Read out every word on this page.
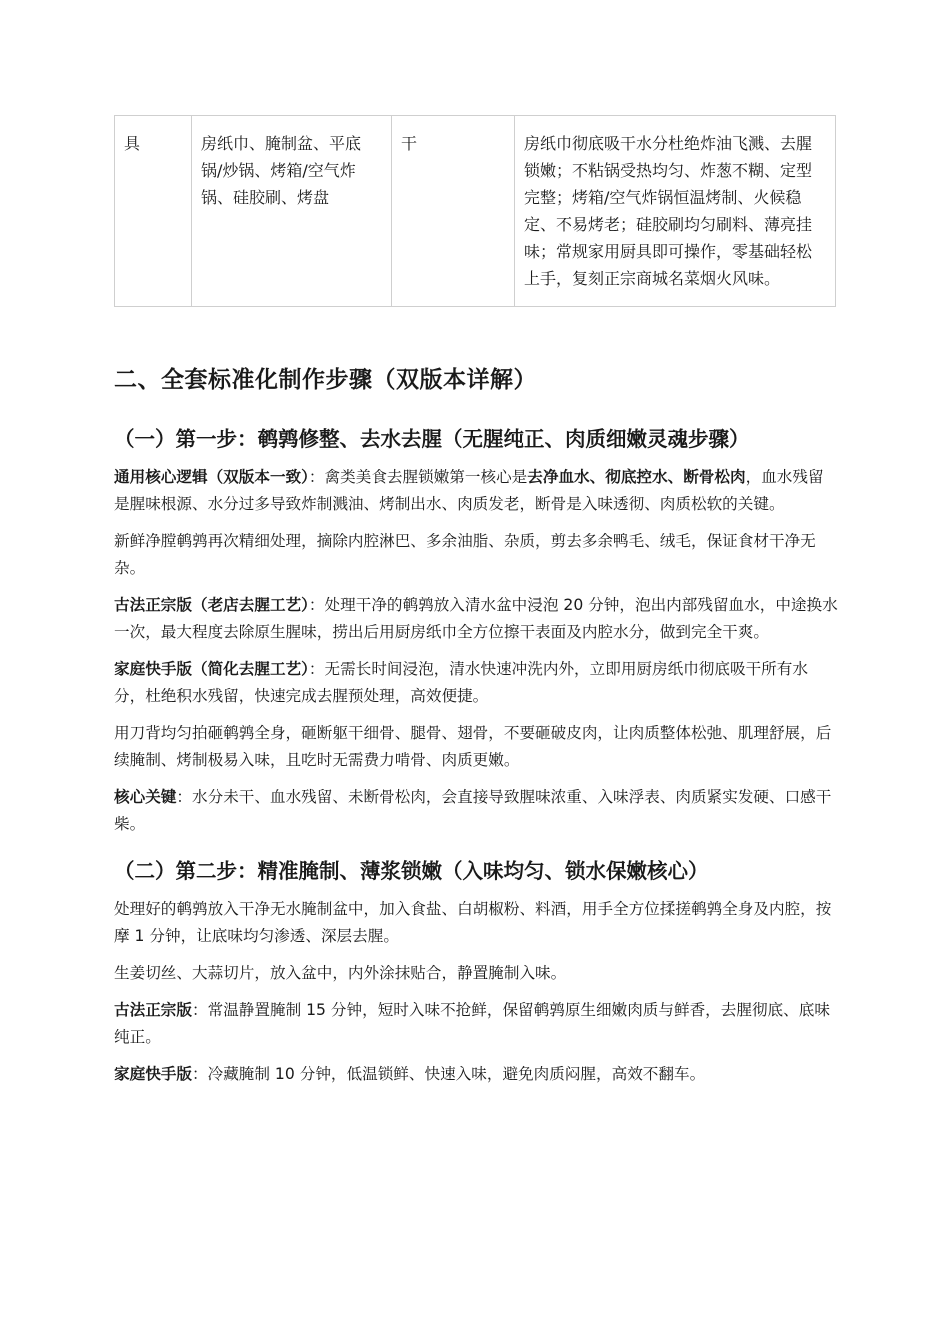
具	房纸巾、腌制盆、平底锅/炒锅、烤箱/空气炸锅、硅胶刷、烤盘	干	房纸巾彻底吸干水分杜绝炸油飞溅、去腥锁嫩；不粘锅受热均匀、炸葱不糊、定型完整；烤箱/空气炸锅恒温烤制、火候稳定、不易烤老；硅胶刷均匀刷料、薄亮挂味；常规家用厨具即可操作，零基础轻松上手，复刻正宗商城名菜烟火风味。
二、全套标准化制作步骤（双版本详解）
（一）第一步：鹌鹑修整、去水去腥（无腥纯正、肉质细嫩灵魂步骤）

通用核心逻辑（双版本一致）：禽类美食去腥锁嫩第一核心是去净血水、彻底控水、断骨松肉，血水残留是腥味根源、水分过多导致炸制溅油、烤制出水、肉质发老，断骨是入味透彻、肉质松软的关键。

新鲜净膛鹌鹑再次精细处理，摘除内腔淋巴、多余油脂、杂质，剪去多余鸭毛、绒毛，保证食材干净无杂。

古法正宗版（老店去腥工艺）：处理干净的鹌鹑放入清水盆中浸泡 20 分钟，泡出内部残留血水，中途换水一次，最大程度去除原生腥味，捞出后用厨房纸巾全方位擦干表面及内腔水分，做到完全干爽。

家庭快手版（简化去腥工艺）：无需长时间浸泡，清水快速冲洗内外，立即用厨房纸巾彻底吸干所有水分，杜绝积水残留，快速完成去腥预处理，高效便捷。

用刀背均匀拍砸鹌鹑全身，砸断躯干细骨、腿骨、翅骨，不要砸破皮肉，让肉质整体松弛、肌理舒展，后续腌制、烤制极易入味，且吃时无需费力啃骨、肉质更嫩。

核心关键：水分未干、血水残留、未断骨松肉，会直接导致腥味浓重、入味浮表、肉质紧实发硬、口感干柴。

（二）第二步：精准腌制、薄浆锁嫩（入味均匀、锁水保嫩核心）

处理好的鹌鹑放入干净无水腌制盆中，加入食盐、白胡椒粉、料酒，用手全方位揉搓鹌鹑全身及内腔，按摩 1 分钟，让底味均匀渗透、深层去腥。

生姜切丝、大蒜切片，放入盆中，内外涂抹贴合，静置腌制入味。

古法正宗版：常温静置腌制 15 分钟，短时入味不抢鲜，保留鹌鹑原生细嫩肉质与鲜香，去腥彻底、底味纯正。

家庭快手版：冷藏腌制 10 分钟，低温锁鲜、快速入味，避免肉质闷腥，高效不翻车。
